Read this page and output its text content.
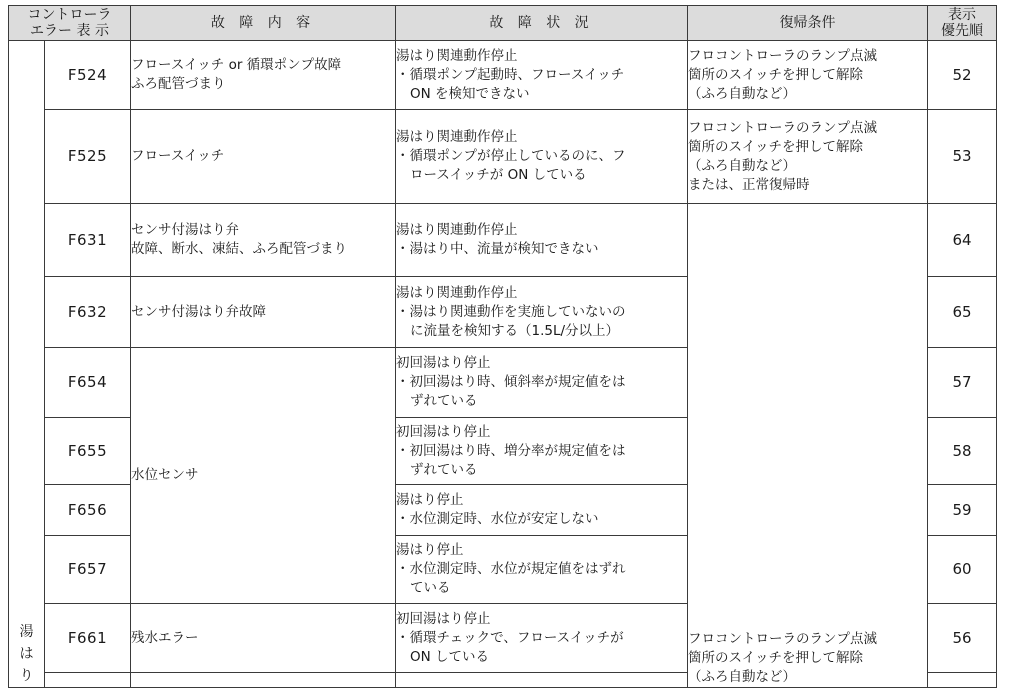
コントローラ
エラー 表 示		故 障 内 容	故 障 状 況	復帰条件	表示
優先順

湯
は
り	F524	フロースイッチ or 循環ポンプ故障
ふろ配管づまり	湯はり関連動作停止
・循環ポンプ起動時、フロースイッチ
ON を検知できない	フロコントローラのランプ点滅
箇所のスイッチを押して解除
（ふろ自動など）	52
	F525	フロースイッチ	湯はり関連動作停止
・循環ポンプが停止しているのに、フ
ロースイッチが ON している	フロコントローラのランプ点滅
箇所のスイッチを押して解除
（ふろ自動など）
または、正常復帰時	53
	F631	センサ付湯はり弁
故障、断水、凍結、ふろ配管づまり	湯はり関連動作停止
・湯はり中、流量が検知できない	フロコントローラのランプ点滅
箇所のスイッチを押して解除
（ふろ自動など）	64
	F632	センサ付湯はり弁故障	湯はり関連動作停止
・湯はり関連動作を実施していないの
に流量を検知する（1.5L/分以上）		65
	F654	水位センサ	初回湯はり停止
・初回湯はり時、傾斜率が規定値をは
ずれている		57
	F655		初回湯はり停止
・初回湯はり時、増分率が規定値をは
ずれている		58
	F656		湯はり停止
・水位測定時、水位が安定しない		59
	F657		湯はり停止
・水位測定時、水位が規定値をはずれ
ている		60
	F661	残水エラー	初回湯はり停止
・循環チェックで、フロースイッチが
ON している		56
